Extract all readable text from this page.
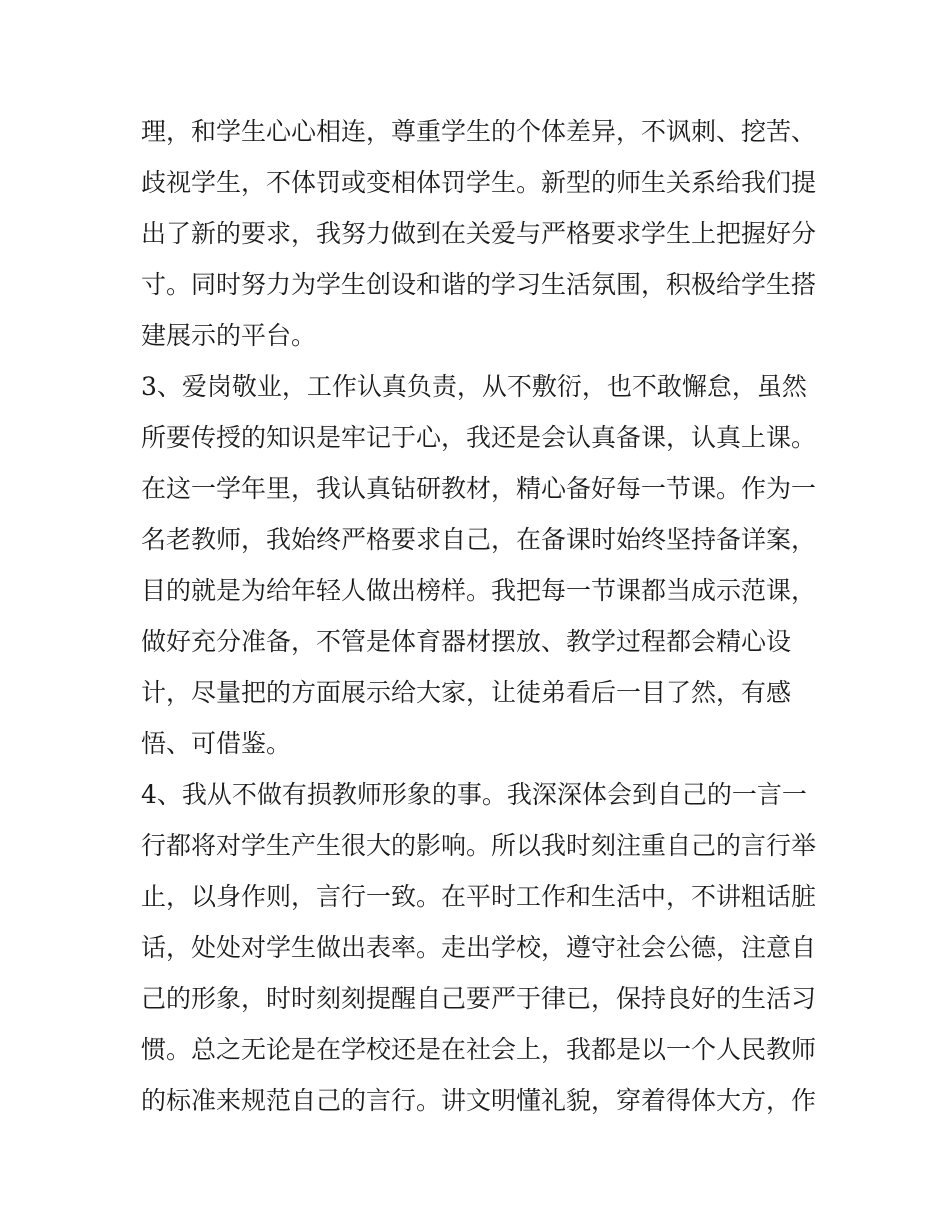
理，和学生心心相连，尊重学生的个体差异，不讽刺、挖苦、
歧视学生，不体罚或变相体罚学生。新型的师生关系给我们提
出了新的要求，我努力做到在关爱与严格要求学生上把握好分
寸。同时努力为学生创设和谐的学习生活氛围，积极给学生搭
建展示的平台。
3、爱岗敬业，工作认真负责，从不敷衍，也不敢懈怠，虽然
所要传授的知识是牢记于心，我还是会认真备课，认真上课。
在这一学年里，我认真钻研教材，精心备好每一节课。作为一
名老教师，我始终严格要求自己，在备课时始终坚持备详案，
目的就是为给年轻人做出榜样。我把每一节课都当成示范课，
做好充分准备，不管是体育器材摆放、教学过程都会精心设
计，尽量把的方面展示给大家，让徒弟看后一目了然，有感
悟、可借鉴。
4、我从不做有损教师形象的事。我深深体会到自己的一言一
行都将对学生产生很大的影响。所以我时刻注重自己的言行举
止，以身作则，言行一致。在平时工作和生活中，不讲粗话脏
话，处处对学生做出表率。走出学校，遵守社会公德，注意自
己的形象，时时刻刻提醒自己要严于律已，保持良好的生活习
惯。总之无论是在学校还是在社会上，我都是以一个人民教师
的标准来规范自己的言行。讲文明懂礼貌，穿着得体大方，作
